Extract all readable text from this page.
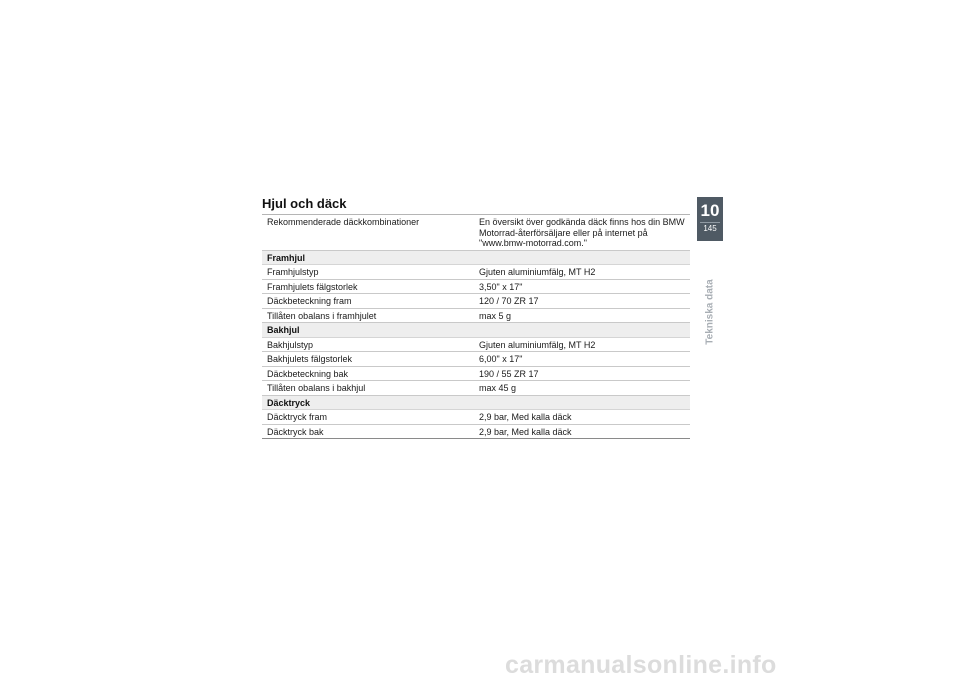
Hjul och däck
Rekommenderade däckkombinationer	En översikt över godkända däck finns hos din BMW Motorrad-återförsäljare eller på internet på "www.bmw-motorrad.com."
Framhjul	
Framhjulstyp	Gjuten aluminiumfälg, MT H2
Framhjulets fälgstorlek	3,50" x 17"
Däckbeteckning fram	120 / 70 ZR 17
Tillåten obalans i framhjulet	max 5 g
Bakhjul	
Bakhjulstyp	Gjuten aluminiumfälg, MT H2
Bakhjulets fälgstorlek	6,00" x 17"
Däckbeteckning bak	190 / 55 ZR 17
Tillåten obalans i bakhjul	max 45 g
Däcktryck	
Däcktryck fram	2,9 bar, Med kalla däck
Däcktryck bak	2,9 bar, Med kalla däck
10
145
Tekniska data
carmanualsonline.info
